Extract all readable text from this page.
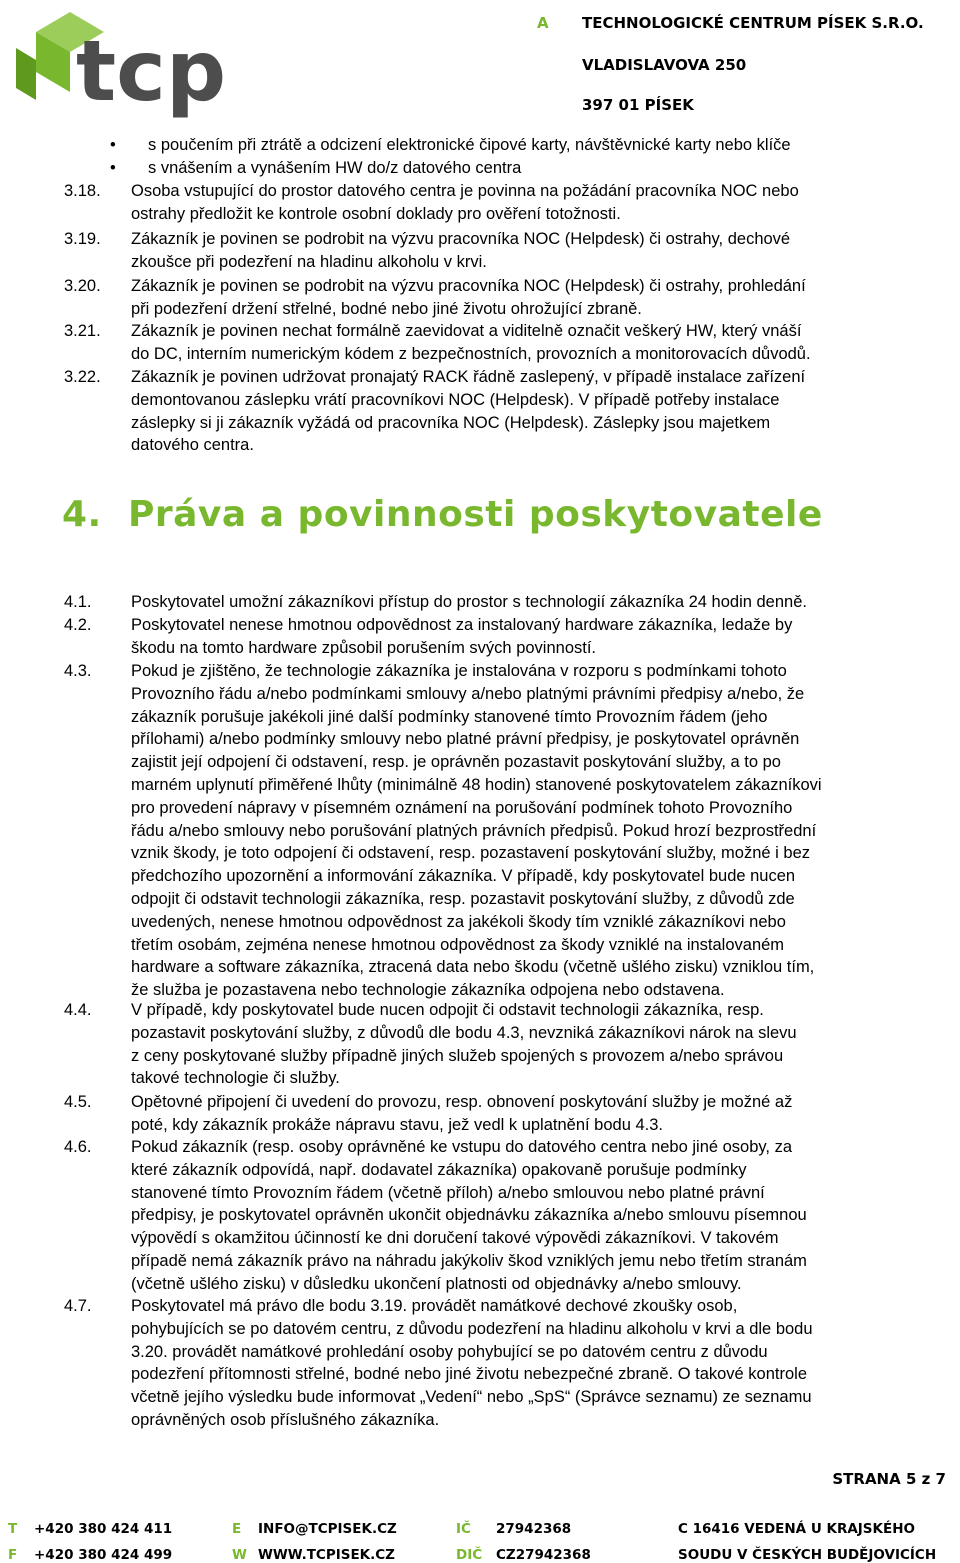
tcp	A TECHNOLOGICKÉ CENTRUM PÍSEK S.R.O.
VLADISLAVOVA 250
397 01 PÍSEK
• s poučením při ztrátě a odcizení elektronické čipové karty, návštěvnické karty nebo klíče
• s vnášením a vynášením HW do/z datového centra
3.18. Osoba vstupující do prostor datového centra je povinna na požádání pracovníka NOC nebo
ostrahy předložit ke kontrole osobní doklady pro ověření totožnosti.
3.19. Zákazník je povinen se podrobit na výzvu pracovníka NOC (Helpdesk) či ostrahy, dechové
zkoušce při podezření na hladinu alkoholu v krvi.
3.20. Zákazník je povinen se podrobit na výzvu pracovníka NOC (Helpdesk) či ostrahy, prohledání
při podezření držení střelné, bodné nebo jiné životu ohrožující zbraně.
3.21. Zákazník je povinen nechat formálně zaevidovat a viditelně označit veškerý HW, který vnáší
do DC, interním numerickým kódem z bezpečnostních, provozních a monitorovacích důvodů.
3.22. Zákazník je povinen udržovat pronajatý RACK řádně zaslepený, v případě instalace zařízení
demontovanou záslepku vrátí pracovníkovi NOC (Helpdesk). V případě potřeby instalace
záslepky si ji zákazník vyžádá od pracovníka NOC (Helpdesk). Záslepky jsou majetkem
datového centra.
4. Práva a povinnosti poskytovatele
4.1. Poskytovatel umožní zákazníkovi přístup do prostor s technologií zákazníka 24 hodin denně.
4.2. Poskytovatel nenese hmotnou odpovědnost za instalovaný hardware zákazníka, ledaže by
škodu na tomto hardware způsobil porušením svých povinností.
4.3. Pokud je zjištěno, že technologie zákazníka je instalována v rozporu s podmínkami tohoto
Provozního řádu a/nebo podmínkami smlouvy a/nebo platnými právními předpisy a/nebo, že
zákazník porušuje jakékoli jiné další podmínky stanovené tímto Provozním řádem (jeho
přílohami) a/nebo podmínky smlouvy nebo platné právní předpisy, je poskytovatel oprávněn
zajistit její odpojení či odstavení, resp. je oprávněn pozastavit poskytování služby, a to po
marném uplynutí přiměřené lhůty (minimálně 48 hodin) stanovené poskytovatelem zákazníkovi
pro provedení nápravy v písemném oznámení na porušování podmínek tohoto Provozního
řádu a/nebo smlouvy nebo porušování platných právních předpisů. Pokud hrozí bezprostřední
vznik škody, je toto odpojení či odstavení, resp. pozastavení poskytování služby, možné i bez
předchozího upozornění a informování zákazníka. V případě, kdy poskytovatel bude nucen
odpojit či odstavit technologii zákazníka, resp. pozastavit poskytování služby, z důvodů zde
uvedených, nenese hmotnou odpovědnost za jakékoli škody tím vzniklé zákazníkovi nebo
třetím osobám, zejména nenese hmotnou odpovědnost za škody vzniklé na instalovaném
hardware a software zákazníka, ztracená data nebo škodu (včetně ušlého zisku) vzniklou tím,
že služba je pozastavena nebo technologie zákazníka odpojena nebo odstavena.
4.4. V případě, kdy poskytovatel bude nucen odpojit či odstavit technologii zákazníka, resp.
pozastavit poskytování služby, z důvodů dle bodu 4.3, nevzniká zákazníkovi nárok na slevu
z ceny poskytované služby případně jiných služeb spojených s provozem a/nebo správou
takové technologie či služby.
4.5. Opětovné připojení či uvedení do provozu, resp. obnovení poskytování služby je možné až
poté, kdy zákazník prokáže nápravu stavu, jež vedl k uplatnění bodu 4.3.
4.6. Pokud zákazník (resp. osoby oprávněné ke vstupu do datového centra nebo jiné osoby, za
které zákazník odpovídá, např. dodavatel zákazníka) opakovaně porušuje podmínky
stanovené tímto Provozním řádem (včetně příloh) a/nebo smlouvou nebo platné právní
předpisy, je poskytovatel oprávněn ukončit objednávku zákazníka a/nebo smlouvu písemnou
výpovědí s okamžitou účinností ke dni doručení takové výpovědi zákazníkovi. V takovém
případě nemá zákazník právo na náhradu jakýkoliv škod vzniklých jemu nebo třetím stranám
(včetně ušlého zisku) v důsledku ukončení platnosti od objednávky a/nebo smlouvy.
4.7. Poskytovatel má právo dle bodu 3.19. provádět namátkové dechové zkoušky osob,
pohybujících se po datovém centru, z důvodu podezření na hladinu alkoholu v krvi a dle bodu
3.20. provádět namátkové prohledání osoby pohybující se po datovém centru z důvodu
podezření přítomnosti střelné, bodné nebo jiné životu nebezpečné zbraně. O takové kontrole
včetně jejího výsledku bude informovat „Vedení“ nebo „SpS“ (Správce seznamu) ze seznamu
oprávněných osob příslušného zákazníka.
STRANA 5 z 7
T +420 380 424 411	E INFO@TCPISEK.CZ	IČ 27942368	C 16416 VEDENÁ U KRAJSKÉHO
F +420 380 424 499	W WWW.TCPISEK.CZ	DIČ CZ27942368	SOUDU V ČESKÝCH BUDĚJOVICÍCH
